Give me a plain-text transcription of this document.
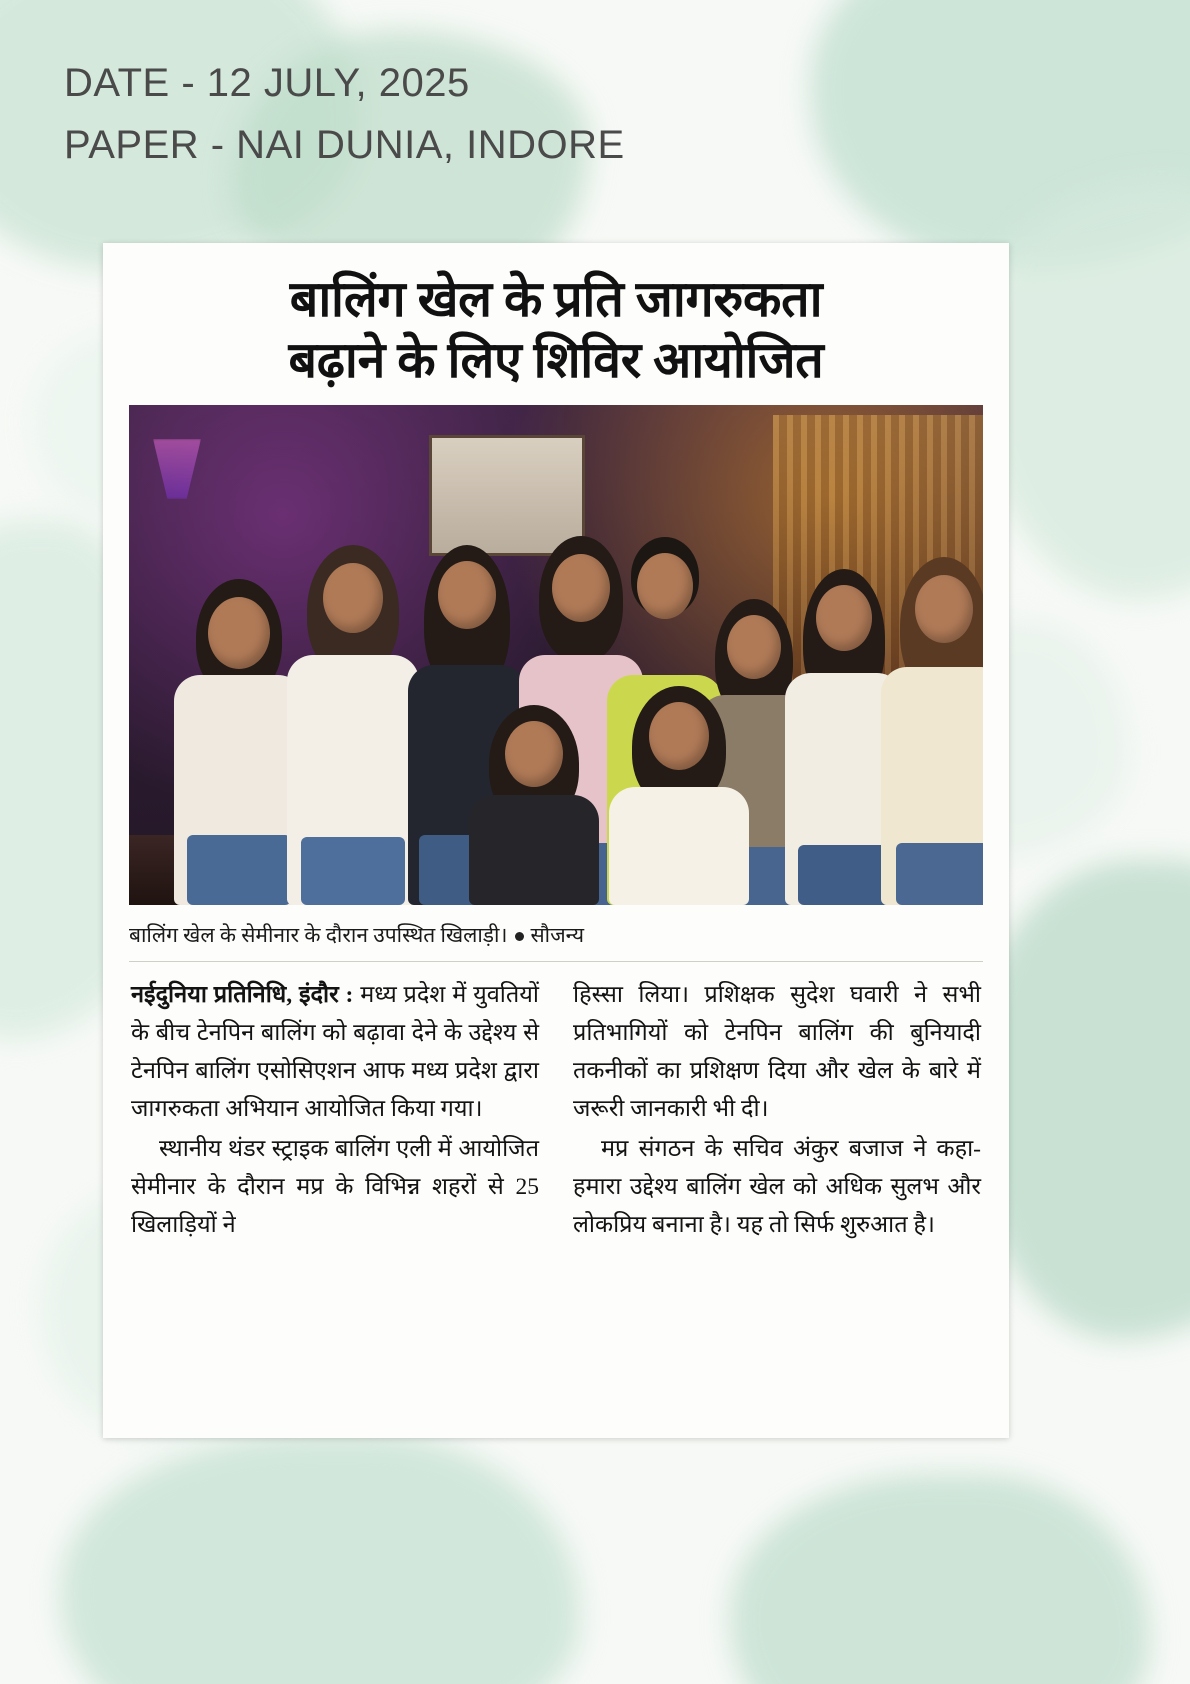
DATE - 12 JULY, 2025
PAPER - NAI DUNIA, INDORE
बालिंग खेल के प्रति जागरुकता
बढ़ाने के लिए शिविर आयोजित
बालिंग खेल के सेमीनार के दौरान उपस्थित खिलाड़ी। सौजन्य

नईदुनिया प्रतिनिधि, इंदौर : मध्य प्रदेश में युवतियों के बीच टेनपिन बालिंग को बढ़ावा देने के उद्देश्य से टेनपिन बालिंग एसोसिएशन आफ मध्य प्रदेश द्वारा जागरुकता अभियान आयोजित किया गया।

स्थानीय थंडर स्ट्राइक बालिंग एली में आयोजित सेमीनार के दौरान मप्र के विभिन्न शहरों से 25 खिलाड़ियों ने

हिस्सा लिया। प्रशिक्षक सुदेश घवारी ने सभी प्रतिभागियों को टेनपिन बालिंग की बुनियादी तकनीकों का प्रशिक्षण दिया और खेल के बारे में जरूरी जानकारी भी दी।

मप्र संगठन के सचिव अंकुर बजाज ने कहा- हमारा उद्देश्य बालिंग खेल को अधिक सुलभ और लोकप्रिय बनाना है। यह तो सिर्फ शुरुआत है।
